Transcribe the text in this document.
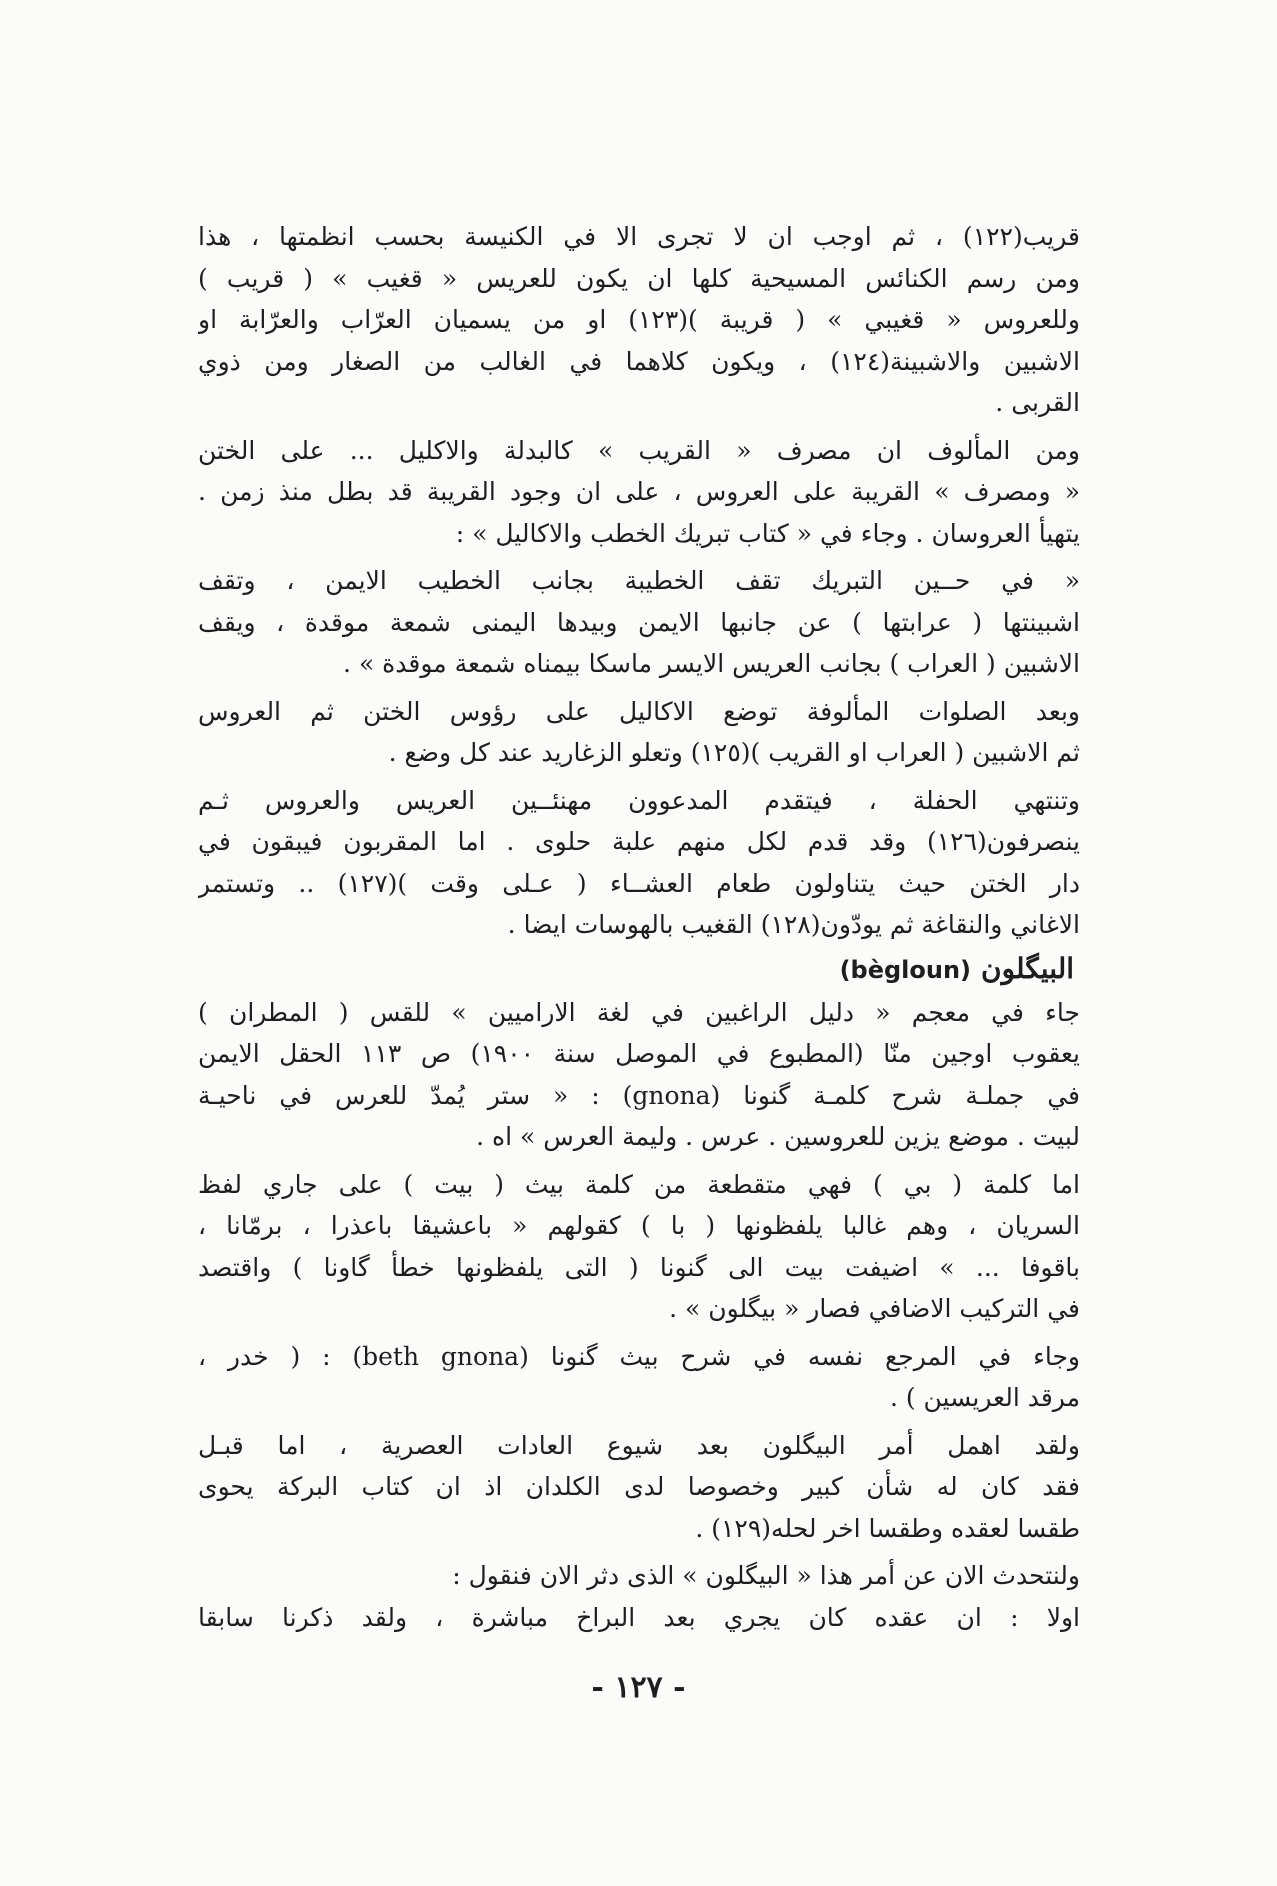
قريب(١٢٢) ، ثم اوجب ان لا تجرى الا في الكنيسة بحسب انظمتها ، هذا
ومن رسم الكنائس المسيحية كلها ان يكون للعريس « قغيب » ( قريب )
وللعروس « قغيبي » ( قريبة )(١٢٣) او من يسميان العرّاب والعرّابة او
الاشبين والاشبينة(١٢٤) ، ويكون كلاهما في الغالب من الصغار ومن ذوي
القربى .
ومن المألوف ان مصرف « القريب » كالبدلة والاكليل ... على الختن
« ومصرف » القريبة على العروس ، على ان وجود القريبة قد بطل منذ زمن .
يتهيأ العروسان . وجاء في « كتاب تبريك الخطب والاكاليل » :
« في حــين التبريك تقف الخطيبة بجانب الخطيب الايمن ، وتقف
اشبينتها ( عرابتها ) عن جانبها الايمن وبيدها اليمنى شمعة موقدة ، ويقف
الاشبين ( العراب ) بجانب العريس الايسر ماسكا بيمناه شمعة موقدة » .
وبعد الصلوات المألوفة توضع الاكاليل على رؤوس الختن ثم العروس
ثم الاشبين ( العراب او القريب )(١٢٥) وتعلو الزغاريد عند كل وضع .
وتنتهي الحفلة ، فيتقدم المدعوون مهنئــين العريس والعروس ثـم
ينصرفون(١٢٦) وقد قدم لكل منهم علبة حلوى . اما المقربون فيبقون في
دار الختن حيث يتناولون طعام العشــاء ( عـلى وقت )(١٢٧) .. وتستمر
الاغاني والنقاغة ثم يودّون(١٢٨) القغيب بالهوسات ايضا .
البيگلون(bègloun)
جاء في معجم « دليل الراغبين في لغة الاراميين » للقس ( المطران )
يعقوب اوجين منّا (المطبوع في الموصل سنة ١٩٠٠) ص ١١٣ الحقل الايمن
في جملـة شرح كلمـة گنونا (gnona) : « ستر يُمدّ للعرس في ناحيـة
لبيت . موضع يزين للعروسين . عرس . وليمة العرس » اه .
اما كلمة ( بي ) فهي متقطعة من كلمة بيث ( بيت ) على جاري لفظ
السريان ، وهم غالبا يلفظونها ( با ) كقولهم « باعشيقا باعذرا ، برمّانا ،
باقوفا ... » اضيفت بيت الى گنونا ( التى يلفظونها خطأ گاونا ) واقتصد
في التركيب الاضافي فصار « بيگلون » .
وجاء في المرجع نفسه في شرح بيث گنونا (beth gnona) : ( خدر ،
مرقد العريسين ) .
ولقد اهمل أمر البيگلون بعد شيوع العادات العصرية ، اما قبـل
فقد كان له شأن كبير وخصوصا لدى الكلدان اذ ان كتاب البركة يحوى
طقسا لعقده وطقسا اخر لحله(١٢٩) .
ولنتحدث الان عن أمر هذا « البيگلون » الذى دثر الان فنقول :
اولا : ان عقده كان يجري بعد البراخ مباشرة ، ولقد ذكرنا سابقا
- ١٢٧ -
